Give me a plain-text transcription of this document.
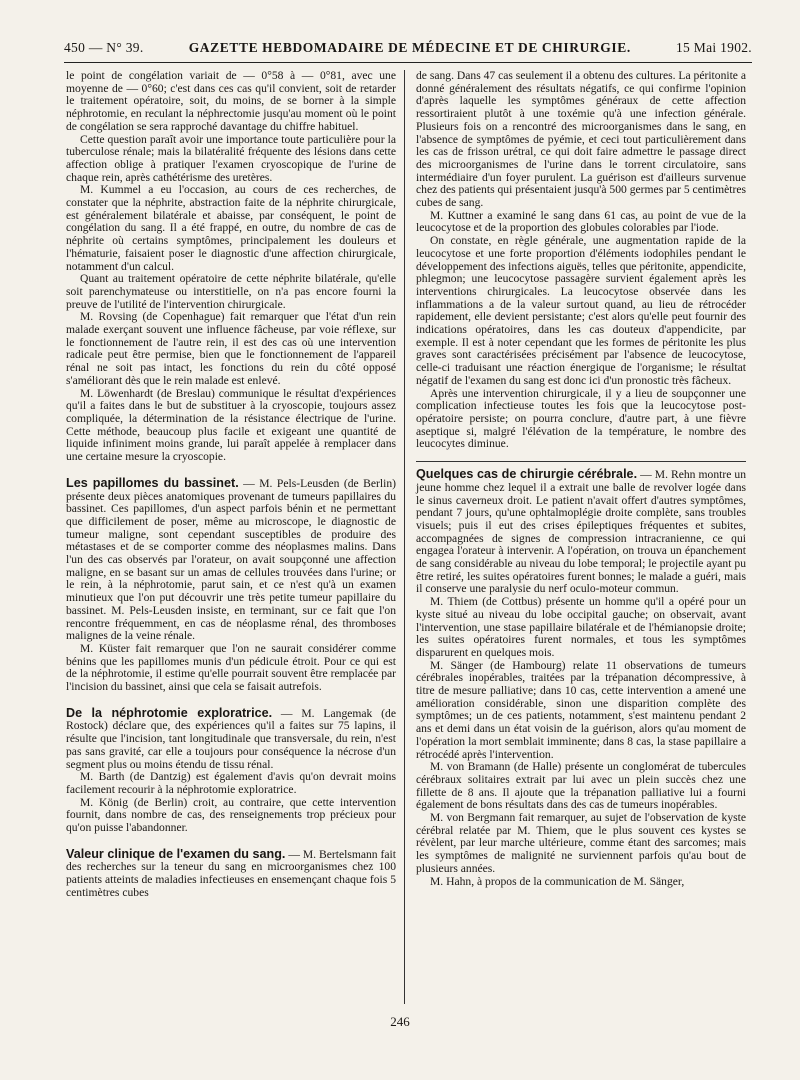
450 — N° 39.	GAZETTE HEBDOMADAIRE DE MÉDECINE ET DE CHIRURGIE.	15 Mai 1902.

le point de congélation variait de — 0°58 à — 0°81, avec une moyenne de — 0°60; c'est dans ces cas qu'il convient, soit de retarder le traitement opératoire, soit, du moins, de se borner à la simple néphrotomie, en reculant la néphrectomie jusqu'au moment où le point de congélation se sera rapproché davantage du chiffre habituel.

Cette question paraît avoir une importance toute particulière pour la tuberculose rénale; mais la bilatéralité fréquente des lésions dans cette affection oblige à pratiquer l'examen cryoscopique de l'urine de chaque rein, après cathétérisme des uretères.

M. Kummel a eu l'occasion, au cours de ces recherches, de constater que la néphrite, abstraction faite de la néphrite chirurgicale, est généralement bilatérale et abaisse, par conséquent, le point de congélation du sang. Il a été frappé, en outre, du nombre de cas de néphrite où certains symptômes, principalement les douleurs et l'hématurie, faisaient poser le diagnostic d'une affection chirurgicale, notamment d'un calcul.

Quant au traitement opératoire de cette néphrite bilatérale, qu'elle soit parenchymateuse ou interstitielle, on n'a pas encore fourni la preuve de l'utilité de l'intervention chirurgicale.

M. Rovsing (de Copenhague) fait remarquer que l'état d'un rein malade exerçant souvent une influence fâcheuse, par voie réflexe, sur le fonctionnement de l'autre rein, il est des cas où une intervention radicale peut être permise, bien que le fonctionnement de l'appareil rénal ne soit pas intact, les fonctions du rein du côté opposé s'améliorant dès que le rein malade est enlevé.

M. Löwenhardt (de Breslau) communique le résultat d'expériences qu'il a faites dans le but de substituer à la cryoscopie, toujours assez compliquée, la détermination de la résistance électrique de l'urine. Cette méthode, beaucoup plus facile et exigeant une quantité de liquide infiniment moins grande, lui paraît appelée à remplacer dans une certaine mesure la cryoscopie.

Les papillomes du bassinet. — M. Pels-Leusden (de Berlin) présente deux pièces anatomiques provenant de tumeurs papillaires du bassinet. Ces papillomes, d'un aspect parfois bénin et ne permettant que difficilement de poser, même au microscope, le diagnostic de tumeur maligne, sont cependant susceptibles de produire des métastases et de se comporter comme des néoplasmes malins. Dans l'un des cas observés par l'orateur, on avait soupçonné une affection maligne, en se basant sur un amas de cellules trouvées dans l'urine; or le rein, à la néphrotomie, parut sain, et ce n'est qu'à un examen minutieux que l'on put découvrir une très petite tumeur papillaire du bassinet. M. Pels-Leusden insiste, en terminant, sur ce fait que l'on rencontre fréquemment, en cas de néoplasme rénal, des thromboses malignes de la veine rénale.

M. Küster fait remarquer que l'on ne saurait considérer comme bénins que les papillomes munis d'un pédicule étroit. Pour ce qui est de la néphrotomie, il estime qu'elle pourrait souvent être remplacée par l'incision du bassinet, ainsi que cela se faisait autrefois.

De la néphrotomie exploratrice. — M. Langemak (de Rostock) déclare que, des expériences qu'il a faites sur 75 lapins, il résulte que l'incision, tant longitudinale que transversale, du rein, n'est pas sans gravité, car elle a toujours pour conséquence la nécrose d'un segment plus ou moins étendu de tissu rénal.

M. Barth (de Dantzig) est également d'avis qu'on devrait moins facilement recourir à la néphrotomie exploratrice.

M. König (de Berlin) croit, au contraire, que cette intervention fournit, dans nombre de cas, des renseignements trop précieux pour qu'on puisse l'abandonner.

Valeur clinique de l'examen du sang. — M. Bertelsmann fait des recherches sur la teneur du sang en microorganismes chez 100 patients atteints de maladies infectieuses en ensemençant chaque fois 5 centimètres cubes

de sang. Dans 47 cas seulement il a obtenu des cultures. La péritonite a donné généralement des résultats négatifs, ce qui confirme l'opinion d'après laquelle les symptômes généraux de cette affection ressortiraient plutôt à une toxémie qu'à une infection générale. Plusieurs fois on a rencontré des microorganismes dans le sang, en l'absence de symptômes de pyémie, et ceci tout particulièrement dans les cas de frisson urétral, ce qui doit faire admettre le passage direct des microorganismes de l'urine dans le torrent circulatoire, sans intermédiaire d'un foyer purulent. La guérison est d'ailleurs survenue chez des patients qui présentaient jusqu'à 500 germes par 5 centimètres cubes de sang.

M. Kuttner a examiné le sang dans 61 cas, au point de vue de la leucocytose et de la proportion des globules colorables par l'iode.

On constate, en règle générale, une augmentation rapide de la leucocytose et une forte proportion d'éléments iodophiles pendant le développement des infections aiguës, telles que péritonite, appendicite, phlegmon; une leucocytose passagère survient également après les interventions chirurgicales. La leucocytose observée dans les inflammations a de la valeur surtout quand, au lieu de rétrocéder rapidement, elle devient persistante; c'est alors qu'elle peut fournir des indications opératoires, dans les cas douteux d'appendicite, par exemple. Il est à noter cependant que les formes de péritonite les plus graves sont caractérisées précisément par l'absence de leucocytose, celle-ci traduisant une réaction énergique de l'organisme; le résultat négatif de l'examen du sang est donc ici d'un pronostic très fâcheux.

Après une intervention chirurgicale, il y a lieu de soupçonner une complication infectieuse toutes les fois que la leucocytose post-opératoire persiste; on pourra conclure, d'autre part, à une fièvre aseptique si, malgré l'élévation de la température, le nombre des leucocytes diminue.

Quelques cas de chirurgie cérébrale. — M. Rehn montre un jeune homme chez lequel il a extrait une balle de revolver logée dans le sinus caverneux droit. Le patient n'avait offert d'autres symptômes, pendant 7 jours, qu'une ophtalmoplégie droite complète, sans troubles visuels; puis il eut des crises épileptiques fréquentes et subites, accompagnées de signes de compression intracranienne, ce qui engagea l'orateur à intervenir. A l'opération, on trouva un épanchement de sang considérable au niveau du lobe temporal; le projectile ayant pu être retiré, les suites opératoires furent bonnes; le malade a guéri, mais il conserve une paralysie du nerf oculo-moteur commun.

M. Thiem (de Cottbus) présente un homme qu'il a opéré pour un kyste situé au niveau du lobe occipital gauche; on observait, avant l'intervention, une stase papillaire bilatérale et de l'hémianopsie droite; les suites opératoires furent normales, et tous les symptômes disparurent en quelques mois.

M. Sänger (de Hambourg) relate 11 observations de tumeurs cérébrales inopérables, traitées par la trépanation décompressive, à titre de mesure palliative; dans 10 cas, cette intervention a amené une amélioration considérable, sinon une disparition complète des symptômes; un de ces patients, notamment, s'est maintenu pendant 2 ans et demi dans un état voisin de la guérison, alors qu'au moment de l'opération la mort semblait imminente; dans 8 cas, la stase papillaire a rétrocédé après l'intervention.

M. von Bramann (de Halle) présente un conglomérat de tubercules cérébraux solitaires extrait par lui avec un plein succès chez une fillette de 8 ans. Il ajoute que la trépanation palliative lui a fourni également de bons résultats dans des cas de tumeurs inopérables.

M. von Bergmann fait remarquer, au sujet de l'observation de kyste cérébral relatée par M. Thiem, que le plus souvent ces kystes se révèlent, par leur marche ultérieure, comme étant des sarcomes; mais les symptômes de malignité ne surviennent parfois qu'au bout de plusieurs années.

M. Hahn, à propos de la communication de M. Sänger,

246
